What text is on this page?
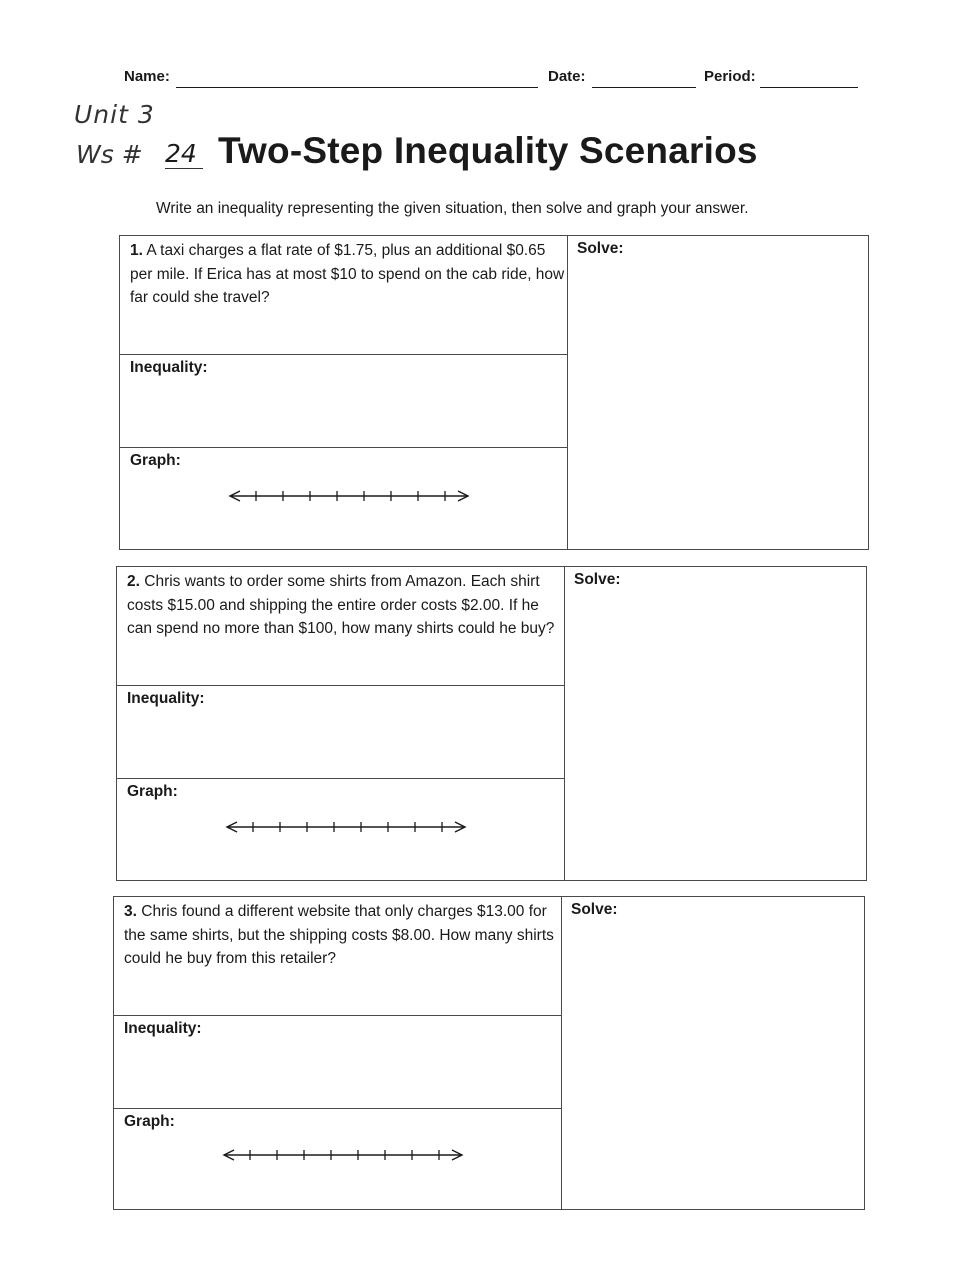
Name:	Date:	Period:
Unit 3
Ws # 24 Two-Step Inequality Scenarios
Write an inequality representing the given situation, then solve and graph your answer.
1. A taxi charges a flat rate of $1.75, plus an additional $0.65 per mile. If Erica has at most $10 to spend on the cab ride, how far could she travel?
Inequality:
Graph:
Solve:
2. Chris wants to order some shirts from Amazon. Each shirt costs $15.00 and shipping the entire order costs $2.00. If he can spend no more than $100, how many shirts could he buy?
Inequality:
Graph:
Solve:
3. Chris found a different website that only charges $13.00 for the same shirts, but the shipping costs $8.00. How many shirts could he buy from this retailer?
Inequality:
Graph:
Solve:
